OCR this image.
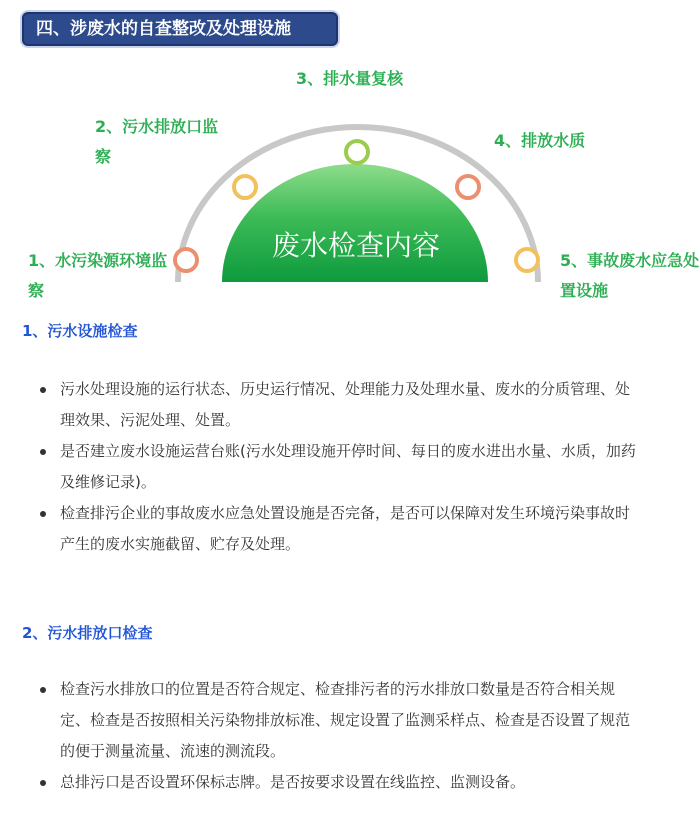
四、涉废水的自查整改及处理设施
废水检查内容
1、水污染源环境监察
2、污水排放口监察
3、排水量复核
4、排放水质
5、事故废水应急处置设施
1、污水设施检查
污水处理设施的运行状态、历史运行情况、处理能力及处理水量、废水的分质管理、处理效果、污泥处理、处置。
是否建立废水设施运营台账(污水处理设施开停时间、每日的废水进出水量、水质，加药及维修记录)。
检查排污企业的事故废水应急处置设施是否完备，是否可以保障对发生环境污染事故时产生的废水实施截留、贮存及处理。
2、污水排放口检查
检查污水排放口的位置是否符合规定、检查排污者的污水排放口数量是否符合相关规定、检查是否按照相关污染物排放标准、规定设置了监测采样点、检查是否设置了规范的便于测量流量、流速的测流段。
总排污口是否设置环保标志牌。是否按要求设置在线监控、监测设备。
